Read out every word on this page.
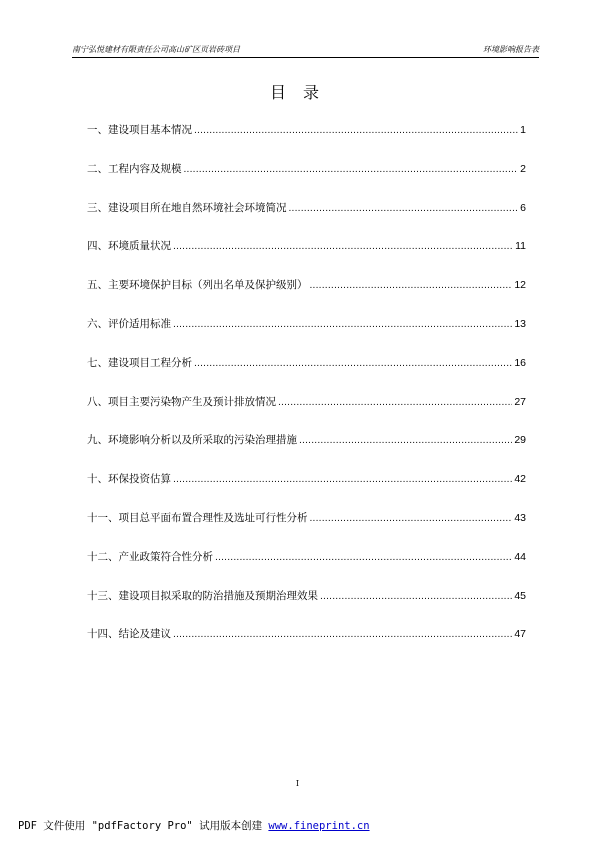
南宁弘悦建材有限责任公司高山矿区页岩砖项目	环境影响报告表
目 录
一、建设项目基本情况 .....	1
二、工程内容及规模 .....	2
三、建设项目所在地自然环境社会环境简况 .....	6
四、环境质量状况 .....	11
五、主要环境保护目标（列出名单及保护级别） .....	12
六、评价适用标准 .....	13
七、建设项目工程分析 .....	16
八、项目主要污染物产生及预计排放情况 .....	27
九、环境影响分析以及所采取的污染治理措施 .....	29
十、环保投资估算 .....	42
十一、项目总平面布置合理性及选址可行性分析 .....	43
十二、产业政策符合性分析 .....	44
十三、建设项目拟采取的防治措施及预期治理效果 .....	45
十四、结论及建议 .....	47
I
PDF 文件使用 "pdfFactory Pro" 试用版本创建 www.fineprint.cn
